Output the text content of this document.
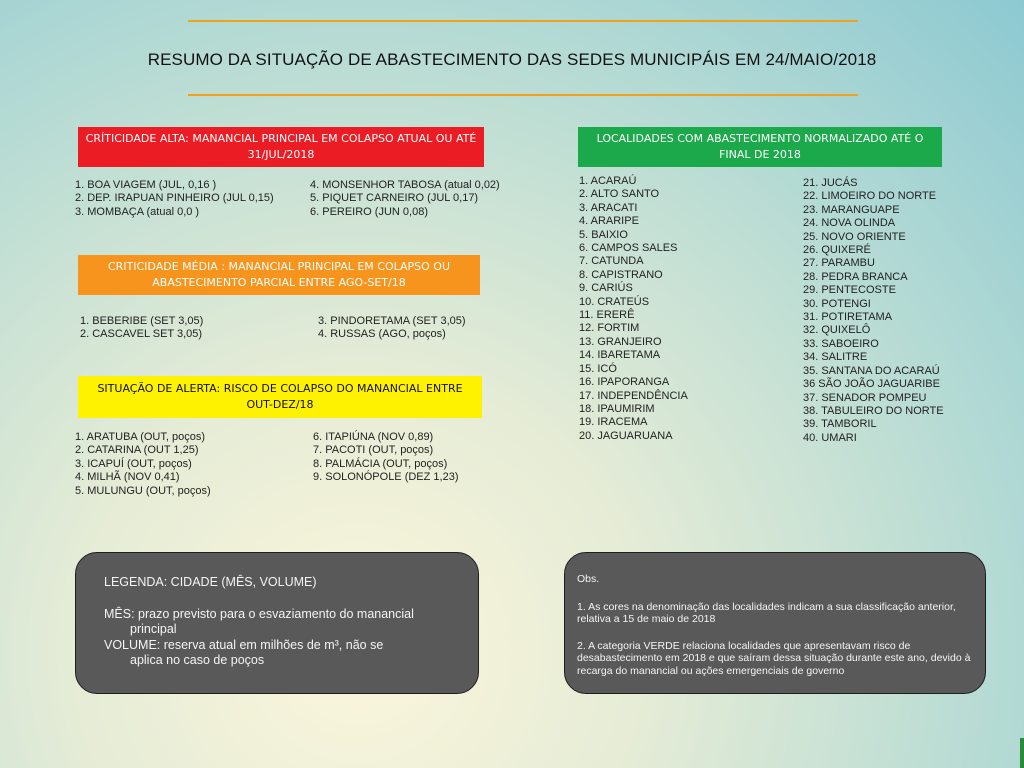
RESUMO DA SITUAÇÃO DE ABASTECIMENTO DAS SEDES MUNICIPÁIS EM 24/MAIO/2018
CRÍTICIDADE ALTA: MANANCIAL PRINCIPAL EM COLAPSO ATUAL OU ATÉ 31/JUL/2018
1. BOA VIAGEM (JUL, 0,16 )
2. DEP. IRAPUAN PINHEIRO (JUL 0,15)
3. MOMBAÇA (atual 0,0 )
4. MONSENHOR TABOSA (atual 0,02)
5. PIQUET CARNEIRO (JUL 0,17)
6. PEREIRO (JUN 0,08)
CRITICIDADE MÉDIA : MANANCIAL PRINCIPAL EM COLAPSO OU ABASTECIMENTO PARCIAL ENTRE AGO-SET/18
1. BEBERIBE (SET 3,05)
2. CASCAVEL SET 3,05)
3. PINDORETAMA (SET 3,05)
4. RUSSAS (AGO, poços)
SITUAÇÃO DE ALERTA: RISCO DE COLAPSO DO MANANCIAL ENTRE OUT-DEZ/18
1. ARATUBA (OUT, poços)
2. CATARINA (OUT 1,25)
3. ICAPUÍ (OUT, poços)
4. MILHÃ (NOV 0,41)
5. MULUNGU (OUT, poços)
6. ITAPIÚNA (NOV 0,89)
7. PACOTI (OUT, poços)
8. PALMÁCIA (OUT, poços)
9. SOLONÓPOLE (DEZ 1,23)
LOCALIDADES COM ABASTECIMENTO NORMALIZADO ATÉ O FINAL DE 2018
1. ACARAÚ
2. ALTO SANTO
3. ARACATI
4. ARARIPE
5. BAIXIO
6. CAMPOS SALES
7. CATUNDA
8. CAPISTRANO
9. CARIÚS
10. CRATEÚS
11. ERERÊ
12. FORTIM
13. GRANJEIRO
14. IBARETAMA
15. ICÓ
16. IPAPORANGA
17. INDEPENDÊNCIA
18. IPAUMIRIM
19. IRACEMA
20. JAGUARUANA
21. JUCÁS
22. LIMOEIRO DO NORTE
23. MARANGUAPE
24. NOVA OLINDA
25. NOVO ORIENTE
26. QUIXERÉ
27. PARAMBU
28. PEDRA BRANCA
29. PENTECOSTE
30. POTENGI
31. POTIRETAMA
32. QUIXELÔ
33. SABOEIRO
34. SALITRE
35. SANTANA DO ACARAÚ
36 SÃO JOÃO JAGUARIBE
37. SENADOR POMPEU
38. TABULEIRO DO NORTE
39. TAMBORIL
40. UMARI
LEGENDA: CIDADE (MÊS, VOLUME)
MÊS: prazo previsto para o esvaziamento do manancial
principal
VOLUME: reserva atual em milhões de m³, não se
aplica no caso de poços
Obs.
1. As cores na denominação das localidades indicam a sua classificação anterior, relativa a 15 de maio de 2018
2. A categoria VERDE relaciona localidades que apresentavam risco de desabastecimento em 2018 e que saíram dessa situação durante este ano, devido à recarga do manancial ou ações emergenciais de governo
